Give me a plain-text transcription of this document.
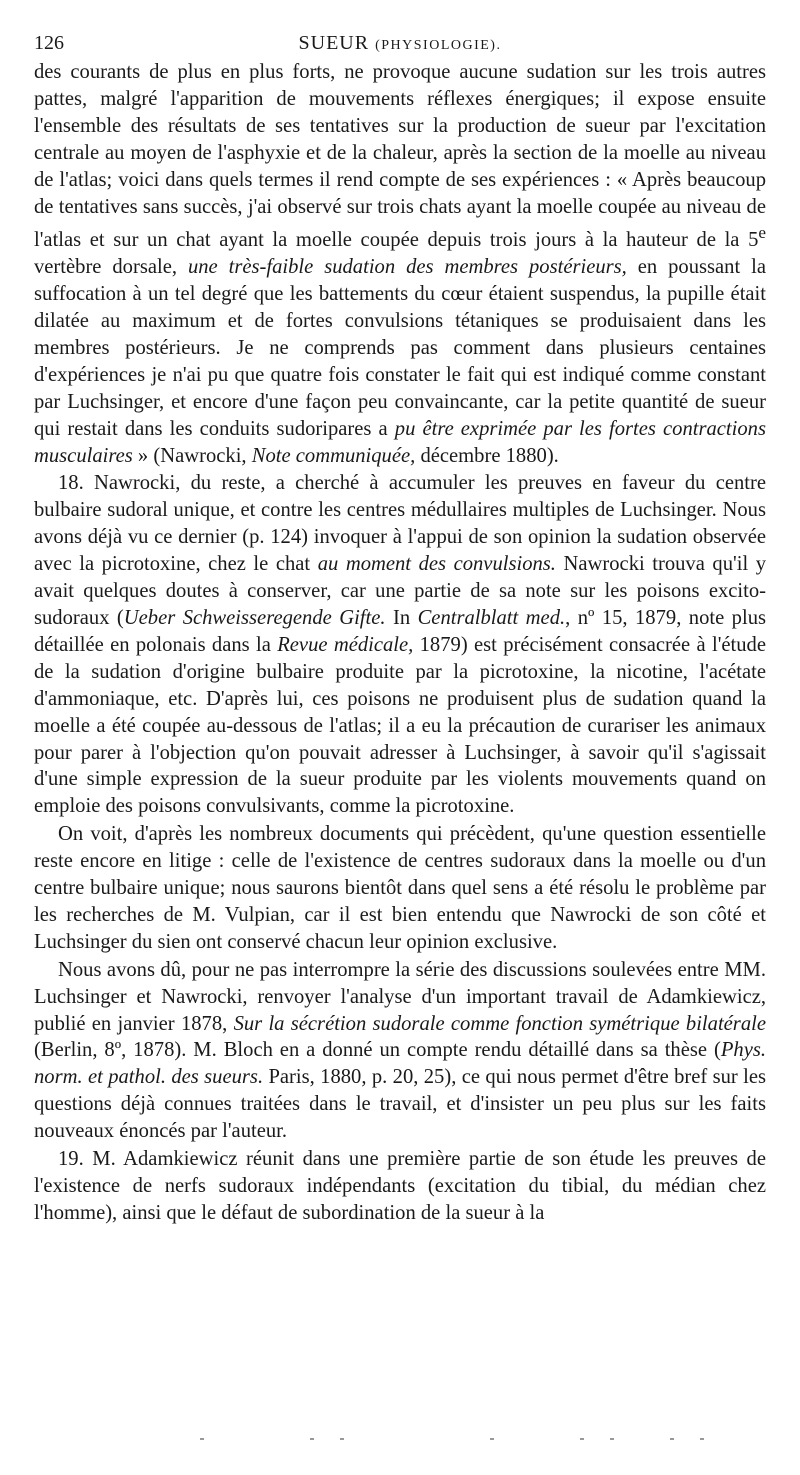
126	SUEUR (PHYSIOLOGIE).

des courants de plus en plus forts, ne provoque aucune sudation sur les trois autres pattes, malgré l'apparition de mouvements réflexes énergiques; il expose ensuite l'ensemble des résultats de ses tentatives sur la production de sueur par l'excitation centrale au moyen de l'asphyxie et de la chaleur, après la section de la moelle au niveau de l'atlas; voici dans quels termes il rend compte de ses expériences : « Après beaucoup de tentatives sans succès, j'ai observé sur trois chats ayant la moelle coupée au niveau de l'atlas et sur un chat ayant la moelle coupée depuis trois jours à la hauteur de la 5e vertèbre dorsale, une très-faible sudation des membres postérieurs, en poussant la suffocation à un tel degré que les battements du cœur étaient suspendus, la pupille était dilatée au maximum et de fortes convulsions tétaniques se produisaient dans les membres postérieurs. Je ne comprends pas comment dans plusieurs centaines d'expériences je n'ai pu que quatre fois constater le fait qui est indiqué comme constant par Luchsinger, et encore d'une façon peu convaincante, car la petite quantité de sueur qui restait dans les conduits sudoripares a pu être exprimée par les fortes contractions musculaires » (Nawrocki, Note communiquée, décembre 1880).

18. Nawrocki, du reste, a cherché à accumuler les preuves en faveur du centre bulbaire sudoral unique, et contre les centres médullaires multiples de Luchsinger. Nous avons déjà vu ce dernier (p. 124) invoquer à l'appui de son opinion la sudation observée avec la picrotoxine, chez le chat au moment des convulsions. Nawrocki trouva qu'il y avait quelques doutes à conserver, car une partie de sa note sur les poisons excito-sudoraux (Ueber Schweisseregende Gifte. In Centralblatt med., nº 15, 1879, note plus détaillée en polonais dans la Revue médicale, 1879) est précisément consacrée à l'étude de la sudation d'origine bulbaire produite par la picrotoxine, la nicotine, l'acétate d'ammoniaque, etc. D'après lui, ces poisons ne produisent plus de sudation quand la moelle a été coupée au-dessous de l'atlas; il a eu la précaution de curariser les animaux pour parer à l'objection qu'on pouvait adresser à Luchsinger, à savoir qu'il s'agissait d'une simple expression de la sueur produite par les violents mouvements quand on emploie des poisons convulsivants, comme la picrotoxine.

On voit, d'après les nombreux documents qui précèdent, qu'une question essentielle reste encore en litige : celle de l'existence de centres sudoraux dans la moelle ou d'un centre bulbaire unique; nous saurons bientôt dans quel sens a été résolu le problème par les recherches de M. Vulpian, car il est bien entendu que Nawrocki de son côté et Luchsinger du sien ont conservé chacun leur opinion exclusive.

Nous avons dû, pour ne pas interrompre la série des discussions soulevées entre MM. Luchsinger et Nawrocki, renvoyer l'analyse d'un important travail de Adamkiewicz, publié en janvier 1878, Sur la sécrétion sudorale comme fonction symétrique bilatérale (Berlin, 8º, 1878). M. Bloch en a donné un compte rendu détaillé dans sa thèse (Phys. norm. et pathol. des sueurs. Paris, 1880, p. 20, 25), ce qui nous permet d'être bref sur les questions déjà connues traitées dans le travail, et d'insister un peu plus sur les faits nouveaux énoncés par l'auteur.

19. M. Adamkiewicz réunit dans une première partie de son étude les preuves de l'existence de nerfs sudoraux indépendants (excitation du tibial, du médian chez l'homme), ainsi que le défaut de subordination de la sueur à la
